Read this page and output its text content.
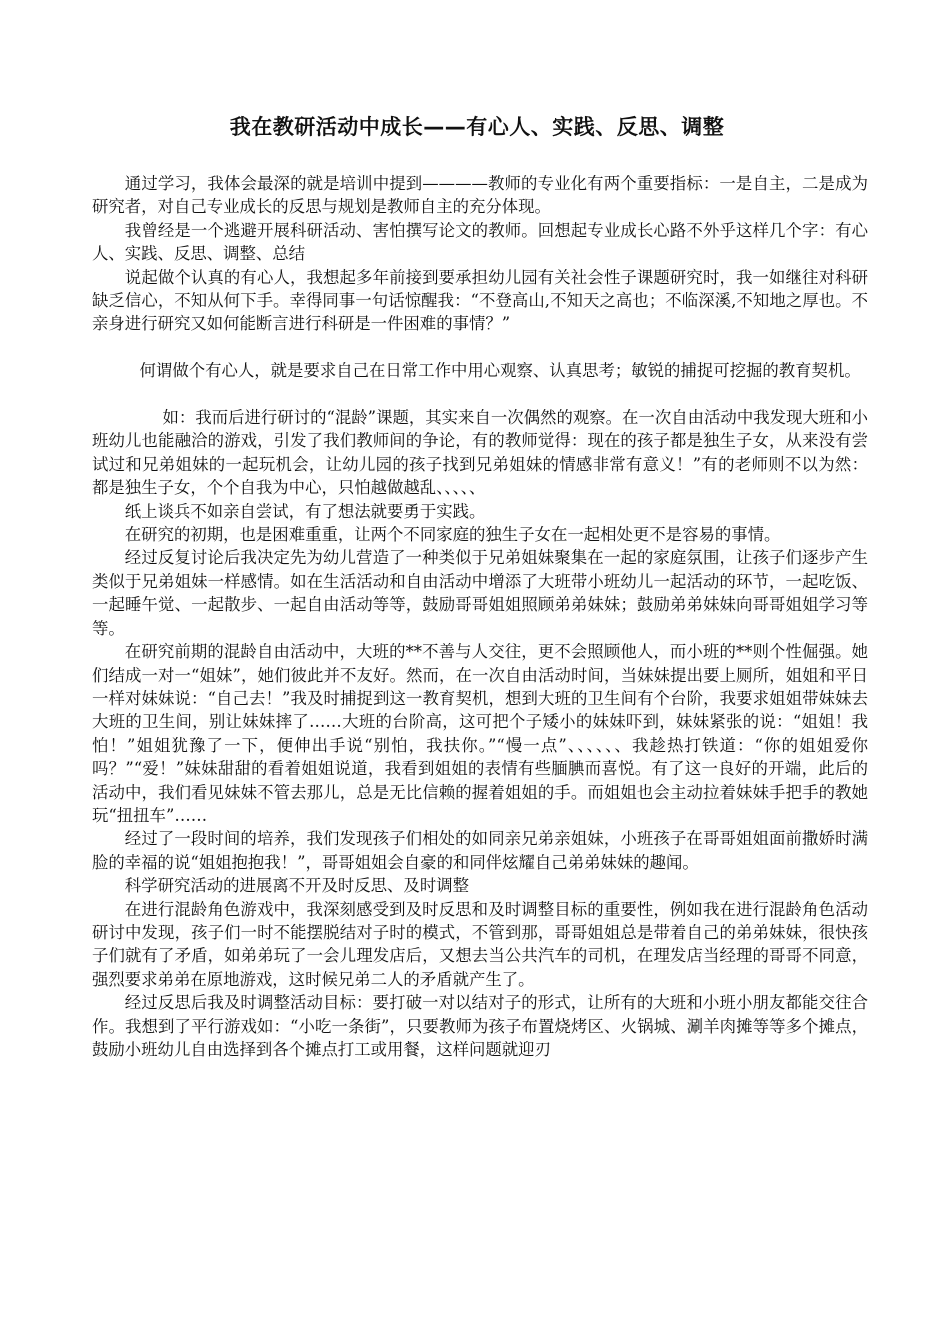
我在教研活动中成长——有心人、实践、反思、调整

通过学习，我体会最深的就是培训中提到————教师的专业化有两个重要指标：一是自主，二是成为研究者，对自己专业成长的反思与规划是教师自主的充分体现。

我曾经是一个逃避开展科研活动、害怕撰写论文的教师。回想起专业成长心路不外乎这样几个字：有心人、实践、反思、调整、总结

说起做个认真的有心人，我想起多年前接到要承担幼儿园有关社会性子课题研究时，我一如继往对科研缺乏信心，不知从何下手。幸得同事一句话惊醒我：“不登高山,不知天之高也；不临深溪,不知地之厚也。不亲身进行研究又如何能断言进行科研是一件困难的事情？”

何谓做个有心人，就是要求自己在日常工作中用心观察、认真思考；敏锐的捕捉可挖掘的教育契机。

如：我而后进行研讨的“混龄”课题，其实来自一次偶然的观察。在一次自由活动中我发现大班和小班幼儿也能融洽的游戏，引发了我们教师间的争论，有的教师觉得：现在的孩子都是独生子女，从来没有尝试过和兄弟姐妹的一起玩机会，让幼儿园的孩子找到兄弟姐妹的情感非常有意义！”有的老师则不以为然：都是独生子女，个个自我为中心，只怕越做越乱、、、、、

纸上谈兵不如亲自尝试，有了想法就要勇于实践。

在研究的初期，也是困难重重，让两个不同家庭的独生子女在一起相处更不是容易的事情。

经过反复讨论后我决定先为幼儿营造了一种类似于兄弟姐妹聚集在一起的家庭氛围，让孩子们逐步产生类似于兄弟姐妹一样感情。如在生活活动和自由活动中增添了大班带小班幼儿一起活动的环节，一起吃饭、一起睡午觉、一起散步、一起自由活动等等，鼓励哥哥姐姐照顾弟弟妹妹；鼓励弟弟妹妹向哥哥姐姐学习等等。

在研究前期的混龄自由活动中，大班的**不善与人交往，更不会照顾他人，而小班的**则个性倔强。她们结成一对一“姐妹”，她们彼此并不友好。然而，在一次自由活动时间，当妹妹提出要上厕所，姐姐和平日一样对妹妹说：“自己去！”我及时捕捉到这一教育契机，想到大班的卫生间有个台阶，我要求姐姐带妹妹去大班的卫生间，别让妹妹摔了……大班的台阶高，这可把个子矮小的妹妹吓到，妹妹紧张的说：“姐姐！我怕！”姐姐犹豫了一下，便伸出手说“别怕，我扶你。”“慢一点”、、、、、、我趁热打铁道：“你的姐姐爱你吗？”“爱！”妹妹甜甜的看着姐姐说道，我看到姐姐的表情有些腼腆而喜悦。有了这一良好的开端，此后的活动中，我们看见妹妹不管去那儿，总是无比信赖的握着姐姐的手。而姐姐也会主动拉着妹妹手把手的教她玩“扭扭车”……

经过了一段时间的培养，我们发现孩子们相处的如同亲兄弟亲姐妹，小班孩子在哥哥姐姐面前撒娇时满脸的幸福的说“姐姐抱抱我！”，哥哥姐姐会自豪的和同伴炫耀自己弟弟妹妹的趣闻。

科学研究活动的进展离不开及时反思、及时调整

在进行混龄角色游戏中，我深刻感受到及时反思和及时调整目标的重要性，例如我在进行混龄角色活动研讨中发现，孩子们一时不能摆脱结对子时的模式，不管到那，哥哥姐姐总是带着自己的弟弟妹妹，很快孩子们就有了矛盾，如弟弟玩了一会儿理发店后，又想去当公共汽车的司机，在理发店当经理的哥哥不同意，强烈要求弟弟在原地游戏，这时候兄弟二人的矛盾就产生了。

经过反思后我及时调整活动目标：要打破一对以结对子的形式，让所有的大班和小班小朋友都能交往合作。我想到了平行游戏如：“小吃一条街”，只要教师为孩子布置烧烤区、火锅城、涮羊肉摊等等多个摊点，鼓励小班幼儿自由选择到各个摊点打工或用餐，这样问题就迎刃
